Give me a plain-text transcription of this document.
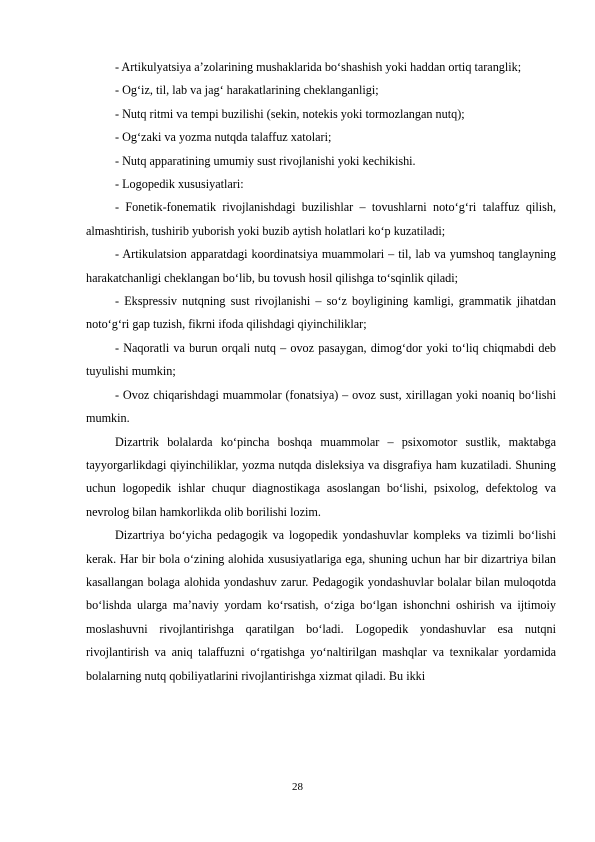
- Artikulyatsiya a’zolarining mushaklarida bo‘shashish yoki haddan ortiq taranglik;

- Og‘iz, til, lab va jag‘ harakatlarining cheklanganligi;

- Nutq ritmi va tempi buzilishi (sekin, notekis yoki tormozlangan nutq);

- Og‘zaki va yozma nutqda talaffuz xatolari;

- Nutq apparatining umumiy sust rivojlanishi yoki kechikishi.

- Logopedik xususiyatlari:

- Fonetik-fonematik rivojlanishdagi buzilishlar – tovushlarni noto‘g‘ri talaffuz qilish, almashtirish, tushirib yuborish yoki buzib aytish holatlari ko‘p kuzatiladi;

- Artikulatsion apparatdagi koordinatsiya muammolari – til, lab va yumshoq tanglayning harakatchanligi cheklangan bo‘lib, bu tovush hosil qilishga to‘sqinlik qiladi;

- Ekspressiv nutqning sust rivojlanishi – so‘z boyligining kamligi, grammatik jihatdan noto‘g‘ri gap tuzish, fikrni ifoda qilishdagi qiyinchiliklar;

- Naqoratli va burun orqali nutq – ovoz pasaygan, dimog‘dor yoki to‘liq chiqmabdi deb tuyulishi mumkin;

- Ovoz chiqarishdagi muammolar (fonatsiya) – ovoz sust, xirillagan yoki noaniq bo‘lishi mumkin.

Dizartrik bolalarda ko‘pincha boshqa muammolar – psixomotor sustlik, maktabga tayyorgarlikdagi qiyinchiliklar, yozma nutqda disleksiya va disgrafiya ham kuzatiladi. Shuning uchun logopedik ishlar chuqur diagnostikaga asoslangan bo‘lishi, psixolog, defektolog va nevrolog bilan hamkorlikda olib borilishi lozim.

Dizartriya bo‘yicha pedagogik va logopedik yondashuvlar kompleks va tizimli bo‘lishi kerak. Har bir bola o‘zining alohida xususiyatlariga ega, shuning uchun har bir dizartriya bilan kasallangan bolaga alohida yondashuv zarur. Pedagogik yondashuvlar bolalar bilan muloqotda bo‘lishda ularga ma’naviy yordam ko‘rsatish, o‘ziga bo‘lgan ishonchni oshirish va ijtimoiy moslashuvni rivojlantirishga qaratilgan bo‘ladi. Logopedik yondashuvlar esa nutqni rivojlantirish va aniq talaffuzni o‘rgatishga yo‘naltirilgan mashqlar va texnikalar yordamida bolalarning nutq qobiliyatlarini rivojlantirishga xizmat qiladi. Bu ikki

28
